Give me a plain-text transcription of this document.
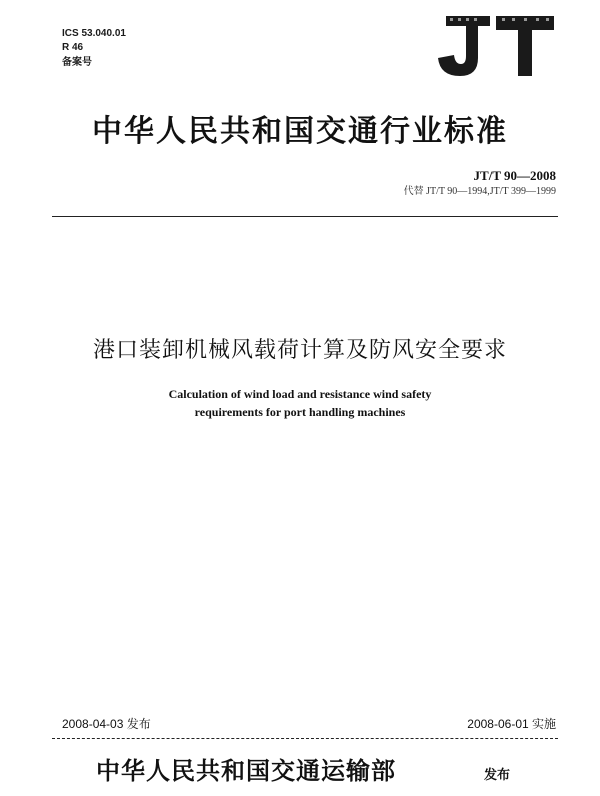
ICS 53.040.01
R 46
备案号
JT
中华人民共和国交通行业标准
JT/T 90—2008
代替 JT/T 90—1994,JT/T 399—1999
港口装卸机械风载荷计算及防风安全要求
Calculation of wind load and resistance wind safety
requirements for port handling machines
2008-04-03 发布	2008-06-01 实施
中华人民共和国交通运输部	发布
